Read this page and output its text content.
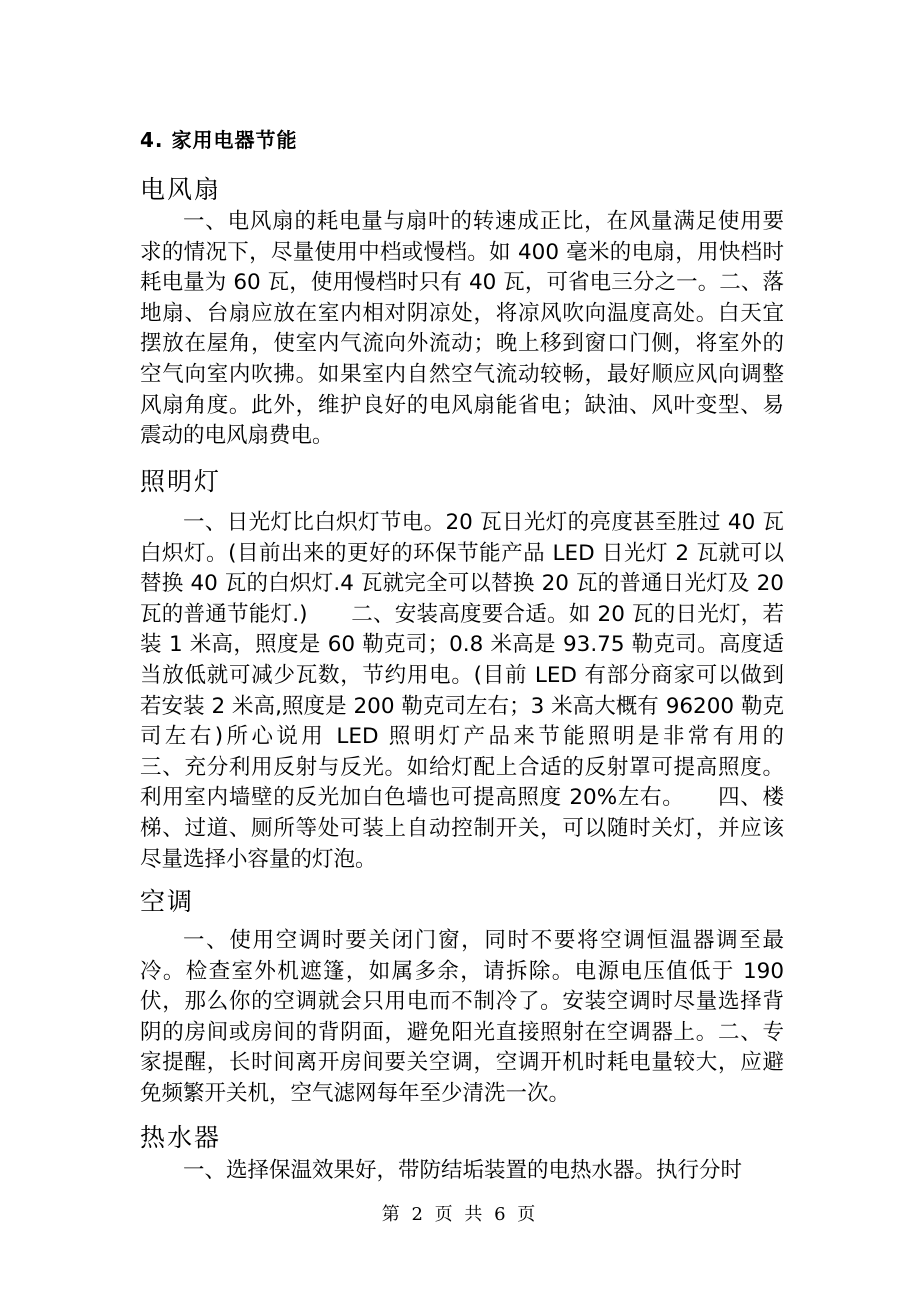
4. 家用电器节能
电风扇
一、电风扇的耗电量与扇叶的转速成正比，在风量满足使用要求的情况下，尽量使用中档或慢档。如 400 毫米的电扇，用快档时耗电量为 60 瓦，使用慢档时只有 40 瓦，可省电三分之一。二、落地扇、台扇应放在室内相对阴凉处，将凉风吹向温度高处。白天宜摆放在屋角，使室内气流向外流动；晚上移到窗口门侧，将室外的空气向室内吹拂。如果室内自然空气流动较畅，最好顺应风向调整风扇角度。此外，维护良好的电风扇能省电；缺油、风叶变型、易震动的电风扇费电。
照明灯
一、日光灯比白炽灯节电。20 瓦日光灯的亮度甚至胜过 40 瓦白炽灯。(目前出来的更好的环保节能产品 LED 日光灯 2 瓦就可以替换 40 瓦的白炽灯.4 瓦就完全可以替换 20 瓦的普通日光灯及 20 瓦的普通节能灯.)　　二、安装高度要合适。如 20 瓦的日光灯，若装 1 米高，照度是 60 勒克司；0.8 米高是 93.75 勒克司。高度适当放低就可减少瓦数，节约用电。(目前 LED 有部分商家可以做到 若安装 2 米高,照度是 200 勒克司左右；3 米高大概有 96200 勒克司左右)所心说用 LED 照明灯产品来节能照明是非常有用的　　三、充分利用反射与反光。如给灯配上合适的反射罩可提高照度。利用室内墙壁的反光加白色墙也可提高照度 20%左右。　　四、楼梯、过道、厕所等处可装上自动控制开关，可以随时关灯，并应该尽量选择小容量的灯泡。
空调
一、使用空调时要关闭门窗，同时不要将空调恒温器调至最冷。检查室外机遮篷，如属多余，请拆除。电源电压值低于 190 伏，那么你的空调就会只用电而不制冷了。安装空调时尽量选择背阴的房间或房间的背阴面，避免阳光直接照射在空调器上。二、专家提醒，长时间离开房间要关空调，空调开机时耗电量较大，应避免频繁开关机，空气滤网每年至少清洗一次。
热水器
一、选择保温效果好，带防结垢装置的电热水器。执行分时
第 2 页 共 6 页
